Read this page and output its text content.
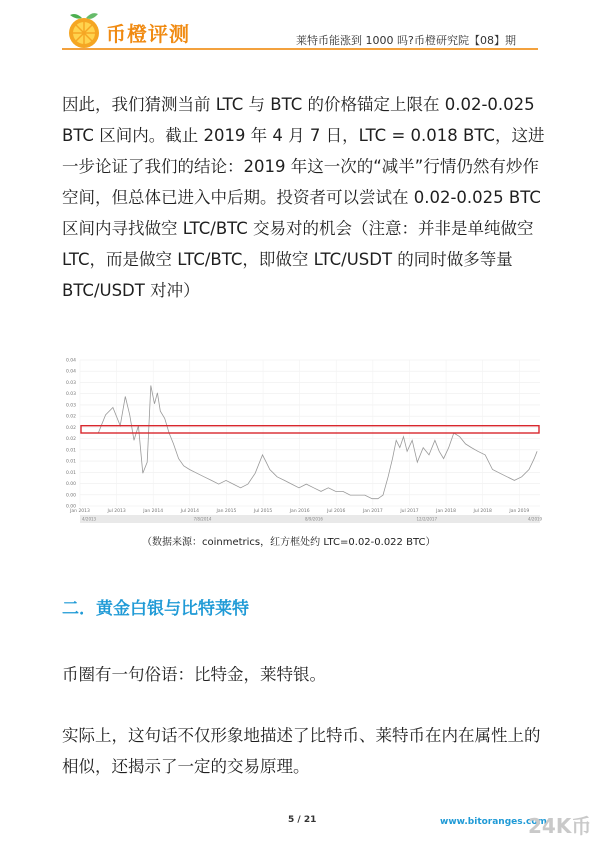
币橙评测	莱特币能涨到 1000 吗? 币橙研究院【08】期
因此，我们猜测当前 LTC 与 BTC 的价格锚定上限在 0.02-0.025 BTC 区间内。截止 2019 年 4 月 7 日，LTC = 0.018 BTC，这进一步论证了我们的结论：2019 年这一次的“减半”行情仍然有炒作空间，但总体已进入中后期。投资者可以尝试在 0.02-0.025 BTC 区间内寻找做空 LTC/BTC 交易对的机会（注意：并非是单纯做空 LTC，而是做空 LTC/BTC，即做空 LTC/USDT 的同时做多等量 BTC/USDT 对冲）
0.04
0.04
0.03
0.03
0.03
0.02
0.02
0.02
0.01
0.01
0.01
0.00
0.00
0.00
Jan 2013	Jul 2013	Jan 2014	Jul 2014	Jan 2015	Jul 2015	Jan 2016	Jul 2016	Jan 2017	Jul 2017	Jan 2018	Jul 2018	Jan 2019
4/2013	7/8/2014	8/9/2016	12/2/2017	4/2019
（数据来源：coinmetrics，红方框处约 LTC=0.02-0.022 BTC）
二．黄金白银与比特莱特
币圈有一句俗语：比特金，莱特银。
实际上，这句话不仅形象地描述了比特币、莱特币在内在属性上的相似，还揭示了一定的交易原理。
5 / 21	www.bitoranges.com
24K币
